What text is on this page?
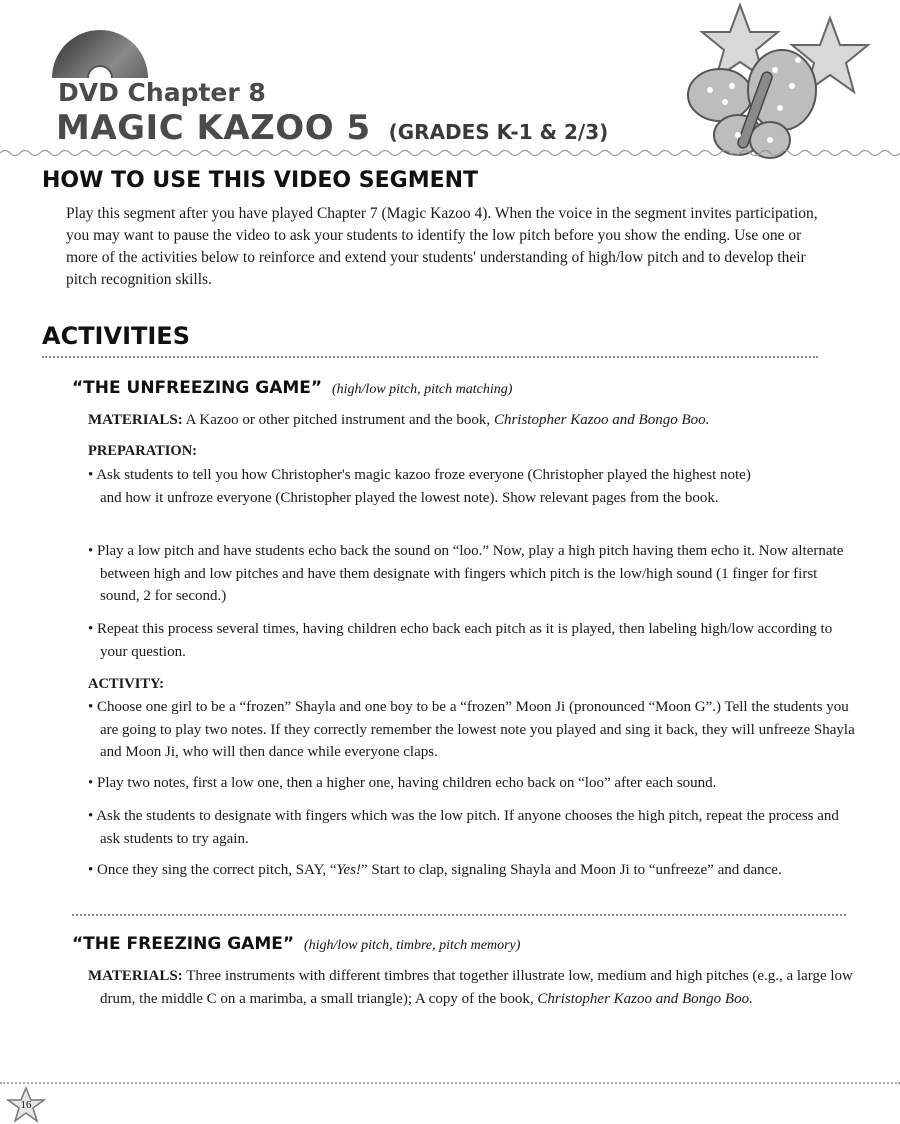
DVD Chapter 8
MAGIC KAZOO 5 (GRADES K-1 & 2/3)
HOW TO USE THIS VIDEO SEGMENT

Play this segment after you have played Chapter 7 (Magic Kazoo 4). When the voice in the segment invites participation, you may want to pause the video to ask your students to identify the low pitch before you show the ending. Use one or more of the activities below to reinforce and extend your students' understanding of high/low pitch and to develop their pitch recognition skills.

ACTIVITIES
“THE UNFREEZING GAME” (high/low pitch, pitch matching)

MATERIALS: A Kazoo or other pitched instrument and the book, Christopher Kazoo and Bongo Boo.

PREPARATION:

• Ask students to tell you how Christopher's magic kazoo froze everyone (Christopher played the highest note) and how it unfroze everyone (Christopher played the lowest note). Show relevant pages from the book.

• Play a low pitch and have students echo back the sound on “loo.” Now, play a high pitch having them echo it. Now alternate between high and low pitches and have them designate with fingers which pitch is the low/high sound (1 finger for first sound, 2 for second.)

• Repeat this process several times, having children echo back each pitch as it is played, then labeling high/low according to your question.

ACTIVITY:

• Choose one girl to be a “frozen” Shayla and one boy to be a “frozen” Moon Ji (pronounced “Moon G”.) Tell the students you are going to play two notes. If they correctly remember the lowest note you played and sing it back, they will unfreeze Shayla and Moon Ji, who will then dance while everyone claps.

• Play two notes, first a low one, then a higher one, having children echo back on “loo” after each sound.

• Ask the students to designate with fingers which was the low pitch. If anyone chooses the high pitch, repeat the process and ask students to try again.

• Once they sing the correct pitch, SAY, “Yes!” Start to clap, signaling Shayla and Moon Ji to “unfreeze” and dance.

“THE FREEZING GAME” (high/low pitch, timbre, pitch memory)

MATERIALS: Three instruments with different timbres that together illustrate low, medium and high pitches (e.g., a large low drum, the middle C on a marimba, a small triangle); A copy of the book, Christopher Kazoo and Bongo Boo.

16
